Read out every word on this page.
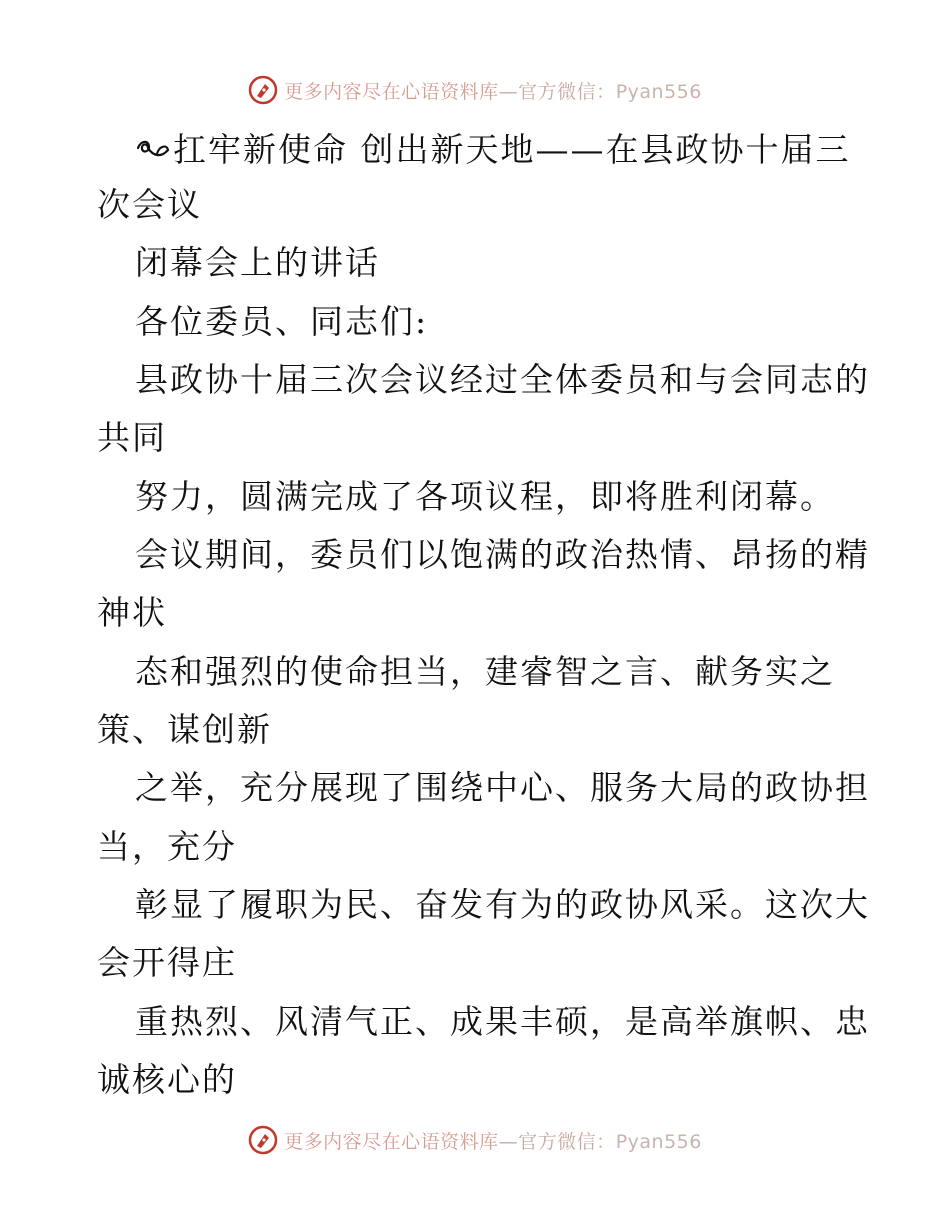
更多内容尽在心语资料库—官方微信：Pyan556
扛牢新使命 创出新天地——在县政协十届三
次会议
闭幕会上的讲话
各位委员、同志们:
县政协十届三次会议经过全体委员和与会同志的
共同
努力，圆满完成了各项议程，即将胜利闭幕。
会议期间，委员们以饱满的政治热情、昂扬的精
神状
态和强烈的使命担当，建睿智之言、献务实之
策、谋创新
之举，充分展现了围绕中心、服务大局的政协担
当，充分
彰显了履职为民、奋发有为的政协风采。这次大
会开得庄
重热烈、风清气正、成果丰硕，是高举旗帜、忠
诚核心的
更多内容尽在心语资料库—官方微信：Pyan556
